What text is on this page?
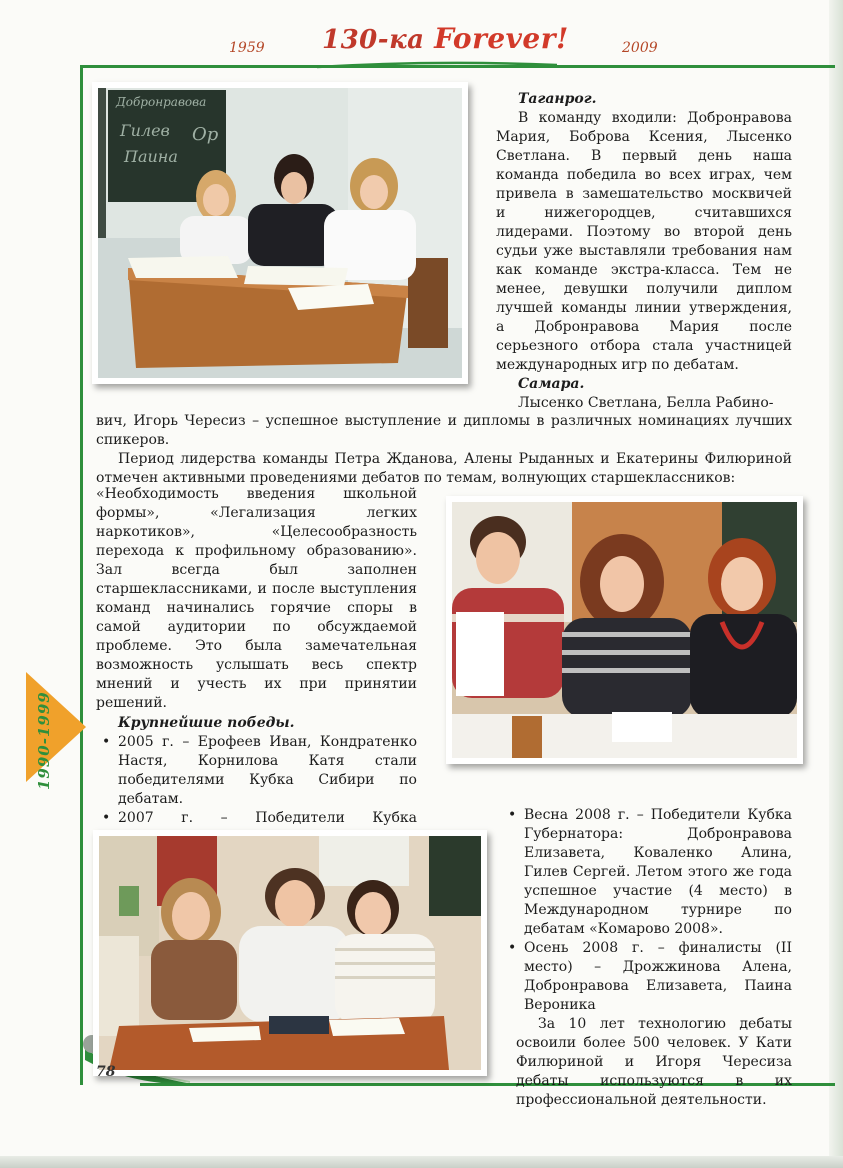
1959 130-ка Forever!	2009
1990-1999
Добронравова
Гилев
Паина
Ор

Таганрог.

В команду входили: Добронравова Мария, Боброва Ксения, Лысенко Светлана. В первый день наша команда победила во всех играх, чем привела в замешательство москвичей и нижегородцев, считавшихся лидерами. Поэтому во второй день судьи уже выставляли требования нам как команде экстра-класса. Тем не менее, девушки получили диплом лучшей команды линии утверждения, а Добронравова Мария после серьезного отбора стала участницей международных игр по дебатам.

Самара.

Лысенко Светлана, Белла Рабино-

вич, Игорь Чересиз – успешное выступление и дипломы в различных номинациях лучших спикеров.

Период лидерства команды Петра Жданова, Алены Рыданных и Екатерины Филюриной отмечен активными проведениями дебатов по темам, волнующих старшеклассников:

«Необходимость введения школьной формы», «Легализация легких наркотиков», «Целесообразность перехода к профильному образованию». Зал всегда был заполнен старшеклассниками, и после выступления команд начинались горячие споры в самой аудитории по обсуждаемой проблеме. Это была замечательная возможность услышать весь спектр мнений и учесть их при принятии решений.

Крупнейшие победы.

• 2005 г. – Ерофеев Иван, Кондратенко Настя, Корнилова Катя стали победителями Кубка Сибири по дебатам.
• 2007 г. – Победители Кубка
•	Весна 2008 г. – Победители Кубка Губернатора: Добронравова Елизавета, Коваленко Алина, Гилев Сергей. Летом этого же года успешное участие (4 место) в Международном турнире по дебатам «Комарово 2008».
• Осень 2008 г. – финалисты (II место) – Дрожжинова Алена, Добронравова Елизавета, Паина Вероника

За 10 лет технологию дебаты освоили более 500 человек. У Кати Филюриной и Игоря Чересиза дебаты используются в их профессиональной деятельности.

78
